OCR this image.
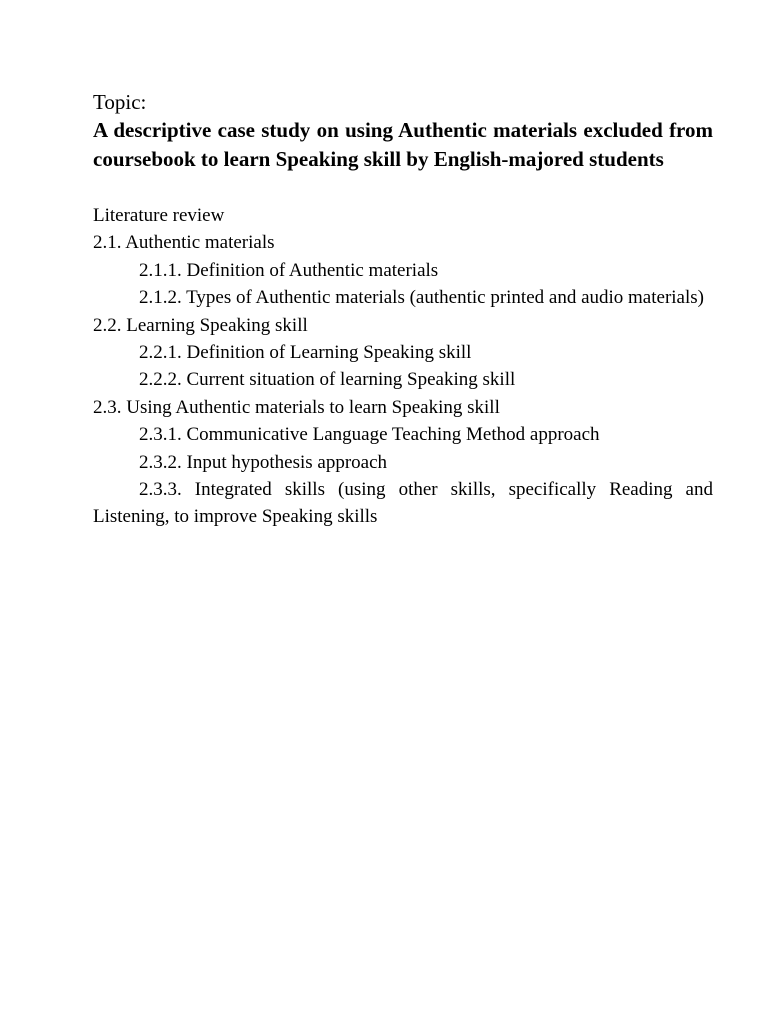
Topic:

A descriptive case study on using Authentic materials excluded from coursebook to learn Speaking skill by English-majored students

Literature review

2.1. Authentic materials

2.1.1. Definition of Authentic materials

2.1.2. Types of Authentic materials (authentic printed and audio materials)

2.2. Learning Speaking skill

2.2.1. Definition of Learning Speaking skill

2.2.2. Current situation of learning Speaking skill

2.3. Using Authentic materials to learn Speaking skill

2.3.1. Communicative Language Teaching Method approach

2.3.2. Input hypothesis approach

2.3.3. Integrated skills (using other skills, specifically Reading and Listening, to improve Speaking skills
